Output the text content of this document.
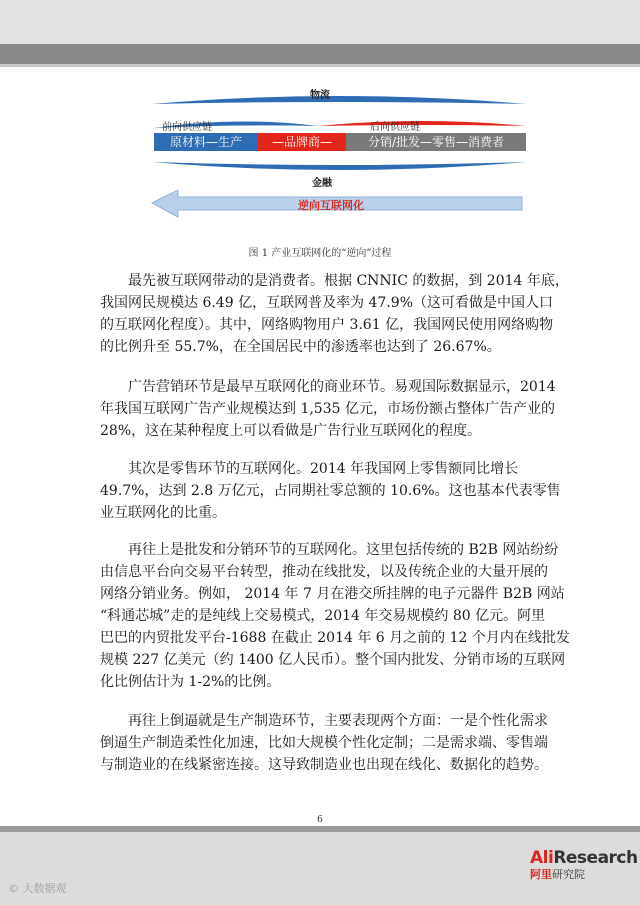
物流
前向供应链	后向供应链
原材料—生产	—品牌商—	分销/批发—零售—消费者
金融
逆向互联网化
图 1 产业互联网化的“逆向”过程

最先被互联网带动的是消费者。根据 CNNIC 的数据，到 2014 年底，
我国网民规模达 6.49 亿，互联网普及率为 47.9%（这可看做是中国人口
的互联网化程度）。其中，网络购物用户 3.61 亿，我国网民使用网络购物
的比例升至 55.7%，在全国居民中的渗透率也达到了 26.67%。

广告营销环节是最早互联网化的商业环节。易观国际数据显示，2014
年我国互联网广告产业规模达到 1,535 亿元，市场份额占整体广告产业的
28%，这在某种程度上可以看做是广告行业互联网化的程度。

其次是零售环节的互联网化。2014 年我国网上零售额同比增长
49.7%，达到 2.8 万亿元，占同期社零总额的 10.6%。这也基本代表零售
业互联网化的比重。

再往上是批发和分销环节的互联网化。这里包括传统的 B2B 网站纷纷
由信息平台向交易平台转型，推动在线批发，以及传统企业的大量开展的
网络分销业务。例如， 2014 年 7 月在港交所挂牌的电子元器件 B2B 网站
“科通芯城”走的是纯线上交易模式，2014 年交易规模约 80 亿元。阿里
巴巴的内贸批发平台-1688 在截止 2014 年 6 月之前的 12 个月内在线批发
规模 227 亿美元（约 1400 亿人民币）。整个国内批发、分销市场的互联网
化比例估计为 1-2%的比例。

再往上倒逼就是生产制造环节，主要表现两个方面：一是个性化需求
倒逼生产制造柔性化加速，比如大规模个性化定制；二是需求端、零售端
与制造业的在线紧密连接。这导致制造业也出现在线化、数据化的趋势。

6
AliResearch
阿里研究院
© 大数据观
